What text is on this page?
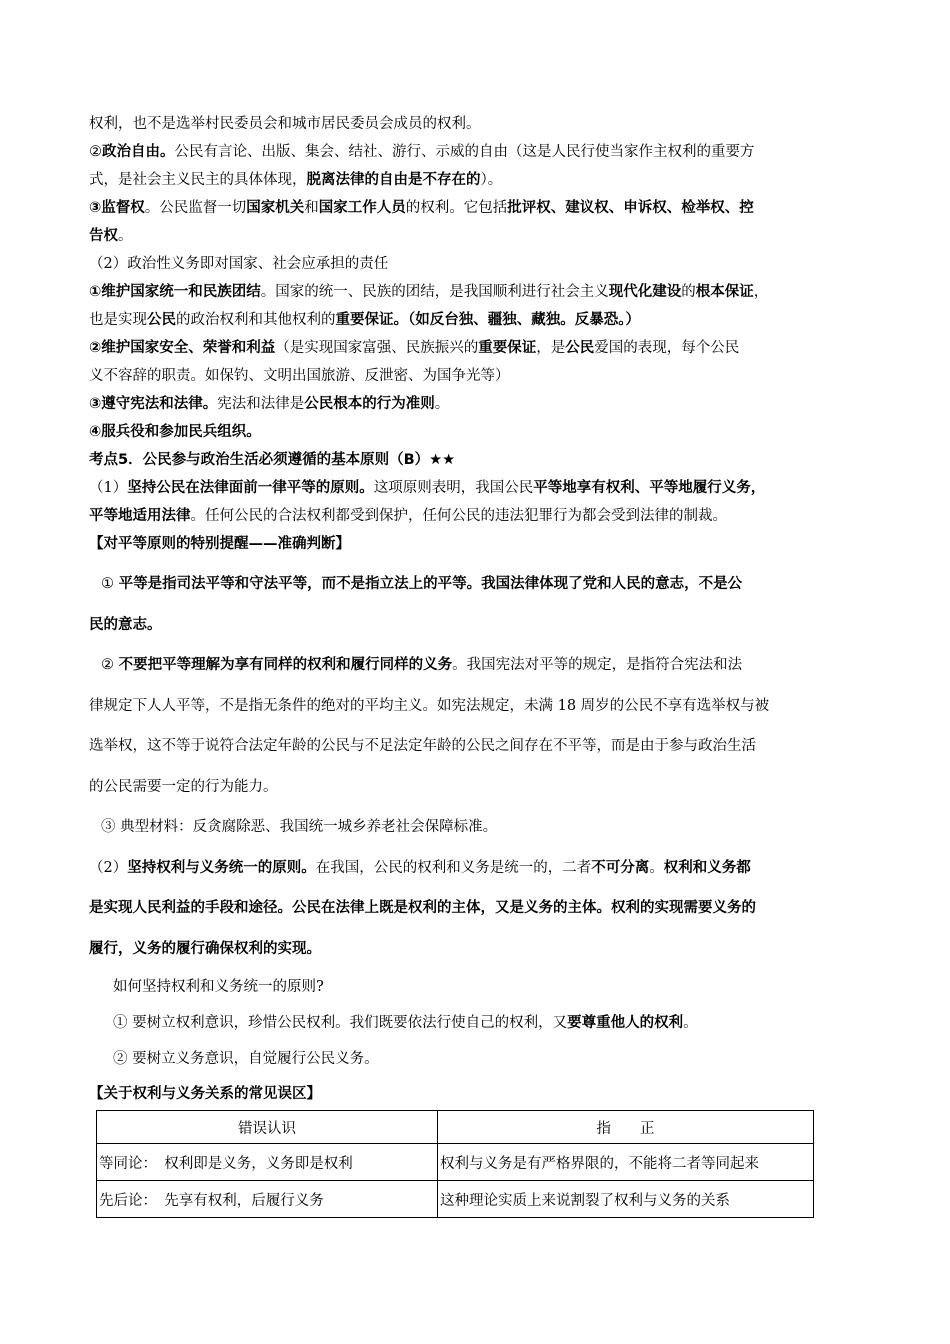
权利，也不是选举村民委员会和城市居民委员会成员的权利。
②政治自由。公民有言论、出版、集会、结社、游行、示威的自由（这是人民行使当家作主权利的重要方
式，是社会主义民主的具体体现，脱离法律的自由是不存在的）。
③监督权。公民监督一切国家机关和国家工作人员的权利。它包括批评权、建议权、申诉权、检举权、控
告权。
（2）政治性义务即对国家、社会应承担的责任
①维护国家统一和民族团结。国家的统一、民族的团结，是我国顺利进行社会主义现代化建设的根本保证，
也是实现公民的政治权利和其他权利的重要保证。（如反台独、疆独、藏独。反暴恐。）
②维护国家安全、荣誉和利益（是实现国家富强、民族振兴的重要保证，是公民爱国的表现，每个公民
义不容辞的职责。如保钓、文明出国旅游、反泄密、为国争光等）
③遵守宪法和法律。宪法和法律是公民根本的行为准则。
④服兵役和参加民兵组织。
考点5．公民参与政治生活必须遵循的基本原则（B）★★
（1）坚持公民在法律面前一律平等的原则。这项原则表明，我国公民平等地享有权利、平等地履行义务，
平等地适用法律。任何公民的合法权利都受到保护，任何公民的违法犯罪行为都会受到法律的制裁。
【对平等原则的特别提醒——准确判断】
① 平等是指司法平等和守法平等，而不是指立法上的平等。我国法律体现了党和人民的意志，不是公
民的意志。
② 不要把平等理解为享有同样的权利和履行同样的义务。我国宪法对平等的规定，是指符合宪法和法
律规定下人人平等，不是指无条件的绝对的平均主义。如宪法规定，未满 18 周岁的公民不享有选举权与被
选举权，这不等于说符合法定年龄的公民与不足法定年龄的公民之间存在不平等，而是由于参与政治生活
的公民需要一定的行为能力。
③ 典型材料：反贪腐除恶、我国统一城乡养老社会保障标准。
（2）坚持权利与义务统一的原则。在我国，公民的权利和义务是统一的，二者不可分离。权利和义务都
是实现人民利益的手段和途径。公民在法律上既是权利的主体，又是义务的主体。权利的实现需要义务的
履行，义务的履行确保权利的实现。
如何坚持权利和义务统一的原则?
① 要树立权利意识，珍惜公民权利。我们既要依法行使自己的权利，又要尊重他人的权利。
② 要树立义务意识，自觉履行公民义务。
【关于权利与义务关系的常见误区】
错误认识	指　　正
等同论：　权利即是义务，义务即是权利	权利与义务是有严格界限的，不能将二者等同起来
先后论：　先享有权利，后履行义务	这种理论实质上来说割裂了权利与义务的关系
